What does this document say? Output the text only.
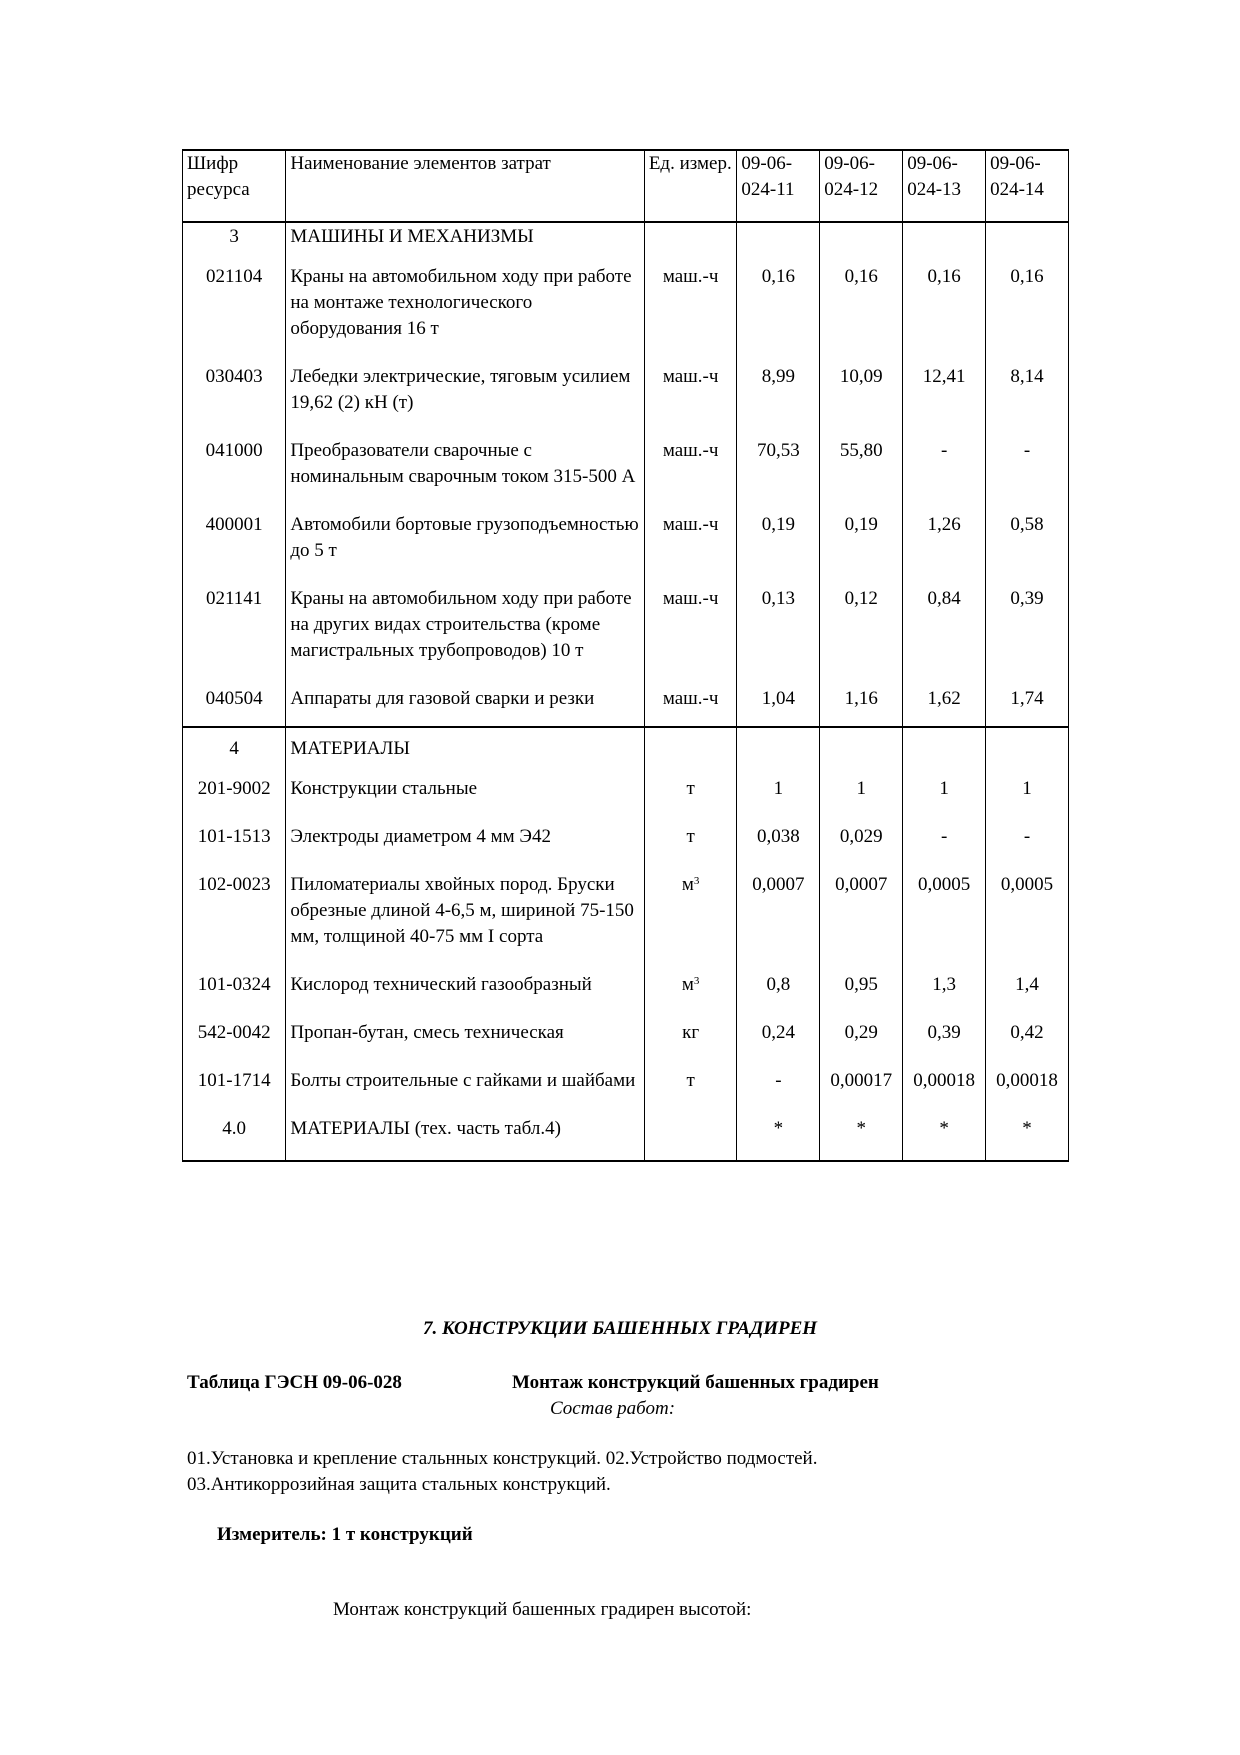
Шифр ресурса	Наименование элементов затрат	Ед. измер.	09-06-024-11	09-06-024-12	09-06-024-13	09-06-024-14
3	МАШИНЫ И МЕХАНИЗМЫ					
021104	Краны на автомобильном ходу при работе на монтаже технологического оборудования 16 т	маш.-ч	0,16	0,16	0,16	0,16
030403	Лебедки электрические, тяговым усилием 19,62 (2) кН (т)	маш.-ч	8,99	10,09	12,41	8,14
041000	Преобразователи сварочные с номинальным сварочным током 315-500 А	маш.-ч	70,53	55,80	-	-
400001	Автомобили бортовые грузоподъемностью до 5 т	маш.-ч	0,19	0,19	1,26	0,58
021141	Краны на автомобильном ходу при работе на других видах строительства (кроме магистральных трубопроводов) 10 т	маш.-ч	0,13	0,12	0,84	0,39
040504	Аппараты для газовой сварки и резки	маш.-ч	1,04	1,16	1,62	1,74
4	МАТЕРИАЛЫ					
201-9002	Конструкции стальные	т	1	1	1	1
101-1513	Электроды диаметром 4 мм Э42	т	0,038	0,029	-	-
102-0023	Пиломатериалы хвойных пород. Бруски обрезные длиной 4-6,5 м, шириной 75-150 мм, толщиной 40-75 мм I сорта	$м^3$	0,0007	0,0007	0,0005	0,0005
101-0324	Кислород технический газообразный	$м^3$	0,8	0,95	1,3	1,4
542-0042	Пропан-бутан, смесь техническая	кг	0,24	0,29	0,39	0,42
101-1714	Болты строительные с гайками и шайбами	т	-	0,00017	0,00018	0,00018
4.0	МАТЕРИАЛЫ (тех. часть табл.4)		*	*	*	*
7. КОНСТРУКЦИИ БАШЕННЫХ ГРАДИРЕН
Таблица ГЭСН 09-06-028	Монтаж конструкций башенных градирен
Состав работ:
01.Установка и крепление стальнных конструкций. 02.Устройство подмостей.
03.Антикоррозийная защита стальных конструкций.
Измеритель: 1 т конструкций
Монтаж конструкций башенных градирен высотой:
